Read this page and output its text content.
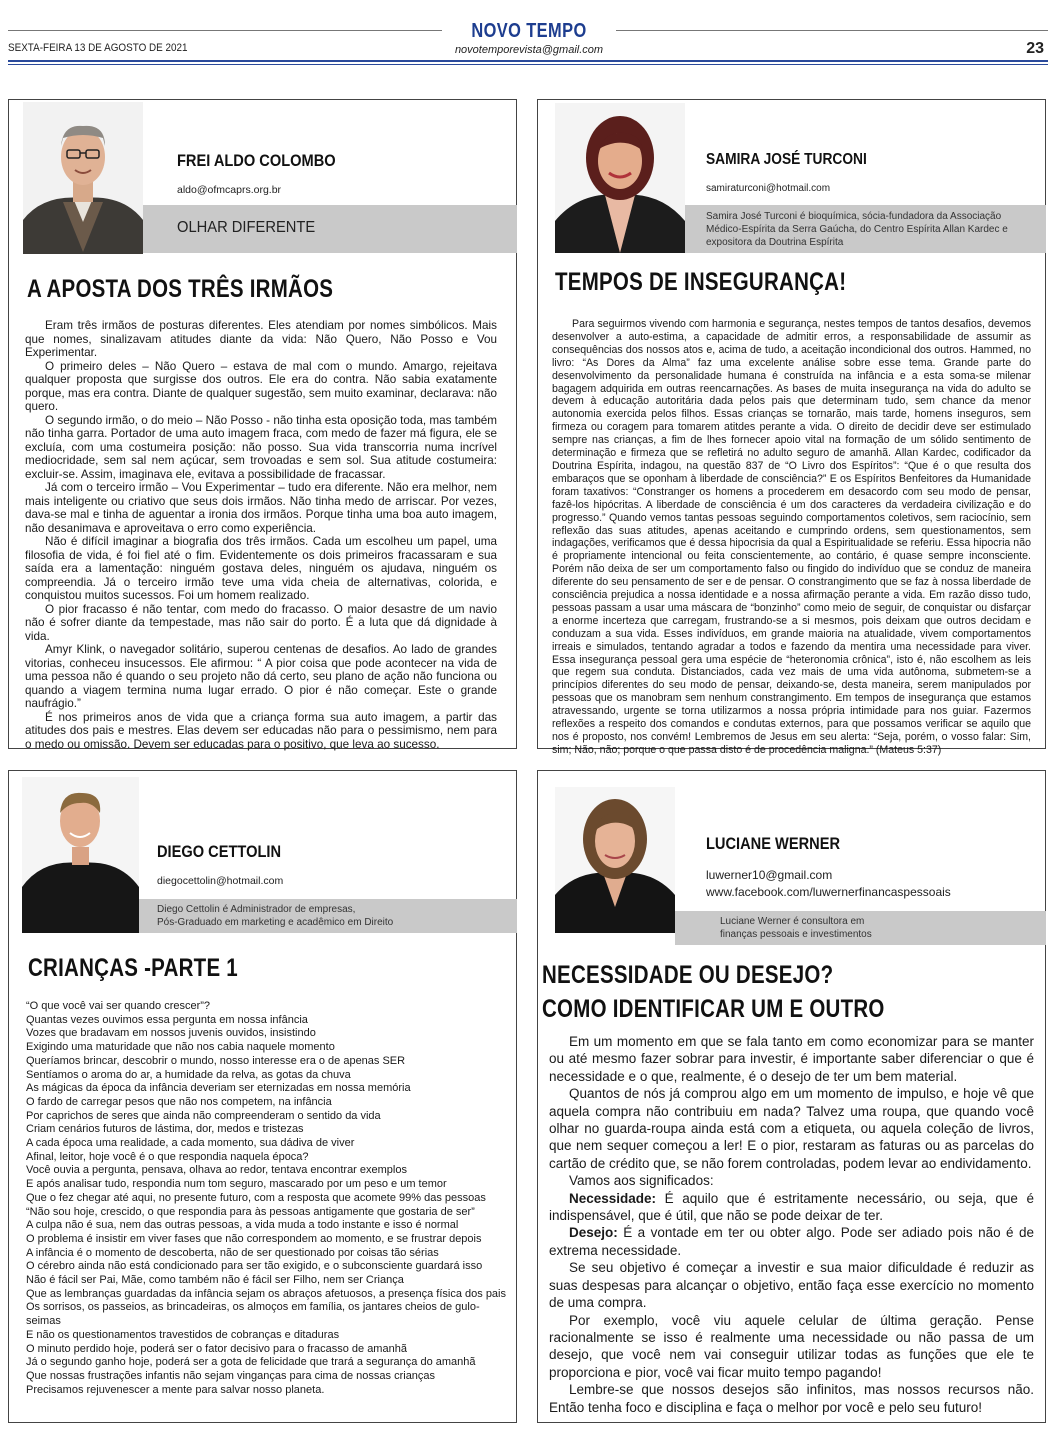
NOVO TEMPO
SEXTA-FEIRA 13 DE AGOSTO DE 2021	novotemporevista@gmail.com	23
FREI ALDO COLOMBO
aldo@ofmcaprs.org.br
OLHAR DIFERENTE
A APOSTA DOS TRÊS IRMÃOS

Eram três irmãos de posturas diferentes. Eles atendiam por nomes simbólicos. Mais que nomes, sinalizavam atitudes diante da vida: Não Quero, Não Posso e Vou Experimentar.

O primeiro deles – Não Quero – estava de mal com o mundo. Amargo, rejeitava qualquer proposta que surgisse dos outros. Ele era do contra. Não sabia exatamente porque, mas era contra. Diante de qualquer sugestão, sem muito examinar, declarava: não quero.

O segundo irmão, o do meio – Não Posso - não tinha esta oposição toda, mas também não tinha garra. Portador de uma auto imagem fraca, com medo de fazer má figura, ele se excluía, com uma costumeira posição: não posso. Sua vida transcorria numa incrível mediocridade, sem sal nem açúcar, sem trovoadas e sem sol. Sua atitude costumeira: excluir-se. Assim, imaginava ele, evitava a possibilidade de fracassar.

Já com o terceiro irmão – Vou Experimentar – tudo era diferente. Não era melhor, nem mais inteligente ou criativo que seus dois irmãos. Não tinha medo de arriscar. Por vezes, dava-se mal e tinha de aguentar a ironia dos irmãos. Porque tinha uma boa auto imagem, não desanimava e aproveitava o erro como experiência.

Não é difícil imaginar a biografia dos três irmãos. Cada um escolheu um papel, uma filosofia de vida, é foi fiel até o fim. Evidentemente os dois primeiros fracassaram e sua saída era a lamentação: ninguém gostava deles, ninguém os ajudava, ninguém os compreendia. Já o terceiro irmão teve uma vida cheia de alternativas, colorida, e conquistou muitos sucessos. Foi um homem realizado.

O pior fracasso é não tentar, com medo do fracasso. O maior desastre de um navio não é sofrer diante da tempestade, mas não sair do porto. É a luta que dá dignidade à vida.

Amyr Klink, o navegador solitário, superou centenas de desafios. Ao lado de grandes vitorias, conheceu insucessos. Ele afirmou: “ A pior coisa que pode acontecer na vida de uma pessoa não é quando o seu projeto não dá certo, seu plano de ação não funciona ou quando a viagem termina numa lugar errado. O pior é não começar. Este o grande naufrágio.”

É nos primeiros anos de vida que a criança forma sua auto imagem, a partir das atitudes dos pais e mestres. Elas devem ser educadas não para o pessimismo, nem para o medo ou omissão. Devem ser educadas para o positivo, que leva ao sucesso.

SAMIRA JOSÉ TURCONI
samiraturconi@hotmail.com
Samira José Turconi é bioquímica, sócia-fundadora da Associação Médico-Espírita da Serra Gaúcha, do Centro Espírita Allan Kardec e expositora da Doutrina Espírita
TEMPOS DE INSEGURANÇA!

Para seguirmos vivendo com harmonia e segurança, nestes tempos de tantos desafios, devemos desenvolver a auto-estima, a capacidade de admitir erros, a responsabilidade de assumir as consequências dos nossos atos e, acima de tudo, a aceitação incondicional dos outros. Hammed, no livro: “As Dores da Alma” faz uma excelente análise sobre esse tema. Grande parte do desenvolvimento da personalidade humana é construída na infância e a esta soma-se milenar bagagem adquirida em outras reencarnações. As bases de muita insegurança na vida do adulto se devem à educação autoritária dada pelos pais que determinam tudo, sem chance da menor autonomia exercida pelos filhos. Essas crianças se tornarão, mais tarde, homens inseguros, sem firmeza ou coragem para tomarem atitdes perante a vida. O direito de decidir deve ser estimulado sempre nas crianças, a fim de lhes fornecer apoio vital na formação de um sólido sentimento de determinação e firmeza que se refletirá no adulto seguro de amanhã. Allan Kardec, codificador da Doutrina Espírita, indagou, na questão 837 de “O Livro dos Espíritos”: “Que é o que resulta dos embaraços que se oponham à liberdade de consciência?” E os Espíritos Benfeitores da Humanidade foram taxativos: “Constranger os homens a procederem em desacordo com seu modo de pensar, fazê-los hipócritas. A liberdade de consciência é um dos caracteres da verdadeira civilização e do progresso.” Quando vemos tantas pessoas seguindo comportamentos coletivos, sem raciocínio, sem reflexão das suas atitudes, apenas aceitando e cumprindo ordens, sem questionamentos, sem indagações, verificamos que é dessa hipocrisia da qual a Espiritualidade se referiu. Essa hipocria não é propriamente intencional ou feita conscientemente, ao contário, é quase sempre inconsciente. Porém não deixa de ser um comportamento falso ou fingido do indivíduo que se conduz de maneira diferente do seu pensamento de ser e de pensar. O constrangimento que se faz à nossa liberdade de consciência prejudica a nossa identidade e a nossa afirmação perante a vida. Em razão disso tudo, pessoas passam a usar uma máscara de “bonzinho” como meio de seguir, de conquistar ou disfarçar a enorme incerteza que carregam, frustrando-se a si mesmos, pois deixam que outros decidam e conduzam a sua vida. Esses indivíduos, em grande maioria na atualidade, vivem comportamentos irreais e simulados, tentando agradar a todos e fazendo da mentira uma necessidade para viver. Essa insegurança pessoal gera uma espécie de “heteronomia crônica”, isto é, não escolhem as leis que regem sua conduta. Distanciados, cada vez mais de uma vida autônoma, submetem-se a princípios diferentes do seu modo de pensar, deixando-se, desta maneira, serem manipulados por pessoas que os manobram sem nenhum constrangimento. Em tempos de insegurança que estamos atravessando, urgente se torna utilizarmos a nossa própria intimidade para nos guiar. Fazermos reflexões a respeito dos comandos e condutas externos, para que possamos verificar se aquilo que nos é proposto, nos convém! Lembremos de Jesus em seu alerta: “Seja, porém, o vosso falar: Sim, sim; Não, não; porque o que passa disto é de procedência maligna.” (Mateus 5:37)

DIEGO CETTOLIN
diegocettolin@hotmail.com
Diego Cettolin é Administrador de empresas,
Pós-Graduado em marketing e acadêmico em Direito
CRIANÇAS -PARTE 1

“O que você vai ser quando crescer”?

Quantas vezes ouvimos essa pergunta em nossa infância

Vozes que bradavam em nossos juvenis ouvidos, insistindo

Exigindo uma maturidade que não nos cabia naquele momento

Queríamos brincar, descobrir o mundo, nosso interesse era o de apenas SER

Sentíamos o aroma do ar, a humidade da relva, as gotas da chuva

As mágicas da época da infância deveriam ser eternizadas em nossa memória

O fardo de carregar pesos que não nos competem, na infância

Por caprichos de seres que ainda não compreenderam o sentido da vida

Criam cenários futuros de lástima, dor, medos e tristezas

A cada época uma realidade, a cada momento, sua dádiva de viver

Afinal, leitor, hoje você é o que respondia naquela época?

Você ouvia a pergunta, pensava, olhava ao redor, tentava encontrar exemplos

E após analisar tudo, respondia num tom seguro, mascarado por um peso e um temor

Que o fez chegar até aqui, no presente futuro, com a resposta que acomete 99% das pessoas

“Não sou hoje, crescido, o que respondia para às pessoas antigamente que gostaria de ser”

A culpa não é sua, nem das outras pessoas, a vida muda a todo instante e isso é normal

O problema é insistir em viver fases que não correspondem ao momento, e se frustrar depois

A infância é o momento de descoberta, não de ser questionado por coisas tão sérias

O cérebro ainda não está condicionado para ser tão exigido, e o subconsciente guardará isso

Não é fácil ser Pai, Mãe, como também não é fácil ser Filho, nem ser Criança

Que as lembranças guardadas da infância sejam os abraços afetuosos, a presença física dos pais

Os sorrisos, os passeios, as brincadeiras, os almoços em família, os jantares cheios de gulo-seimas

E não os questionamentos travestidos de cobranças e ditaduras

O minuto perdido hoje, poderá ser o fator decisivo para o fracasso de amanhã

Já o segundo ganho hoje, poderá ser a gota de felicidade que trará a segurança do amanhã

Que nossas frustrações infantis não sejam vinganças para cima de nossas crianças

Precisamos rejuvenescer a mente para salvar nosso planeta.

LUCIANE WERNER
luwerner10@gmail.com
www.facebook.com/luwernerfinancaspessoais
Luciane Werner é consultora em
finanças pessoais e investimentos
NECESSIDADE OU DESEJO?
COMO IDENTIFICAR UM E OUTRO

Em um momento em que se fala tanto em como economizar para se manter ou até mesmo fazer sobrar para investir, é importante saber diferenciar o que é necessidade e o que, realmente, é o desejo de ter um bem material.

Quantos de nós já comprou algo em um momento de impulso, e hoje vê que aquela compra não contribuiu em nada? Talvez uma roupa, que quando você olhar no guarda-roupa ainda está com a etiqueta, ou aquela coleção de livros, que nem sequer começou a ler! E o pior, restaram as faturas ou as parcelas do cartão de crédito que, se não forem controladas, podem levar ao endividamento.

Vamos aos significados:

Necessidade: É aquilo que é estritamente necessário, ou seja, que é indispensável, que é útil, que não se pode deixar de ter.

Desejo: É a vontade em ter ou obter algo. Pode ser adiado pois não é de extrema necessidade.

Se seu objetivo é começar a investir e sua maior dificuldade é reduzir as suas despesas para alcançar o objetivo, então faça esse exercício no momento de uma compra.

Por exemplo, você viu aquele celular de última geração. Pense racionalmente se isso é realmente uma necessidade ou não passa de um desejo, que você nem vai conseguir utilizar todas as funções que ele te proporciona e pior, você vai ficar muito tempo pagando!

Lembre-se que nossos desejos são infinitos, mas nossos recursos não. Então tenha foco e disciplina e faça o melhor por você e pelo seu futuro!
